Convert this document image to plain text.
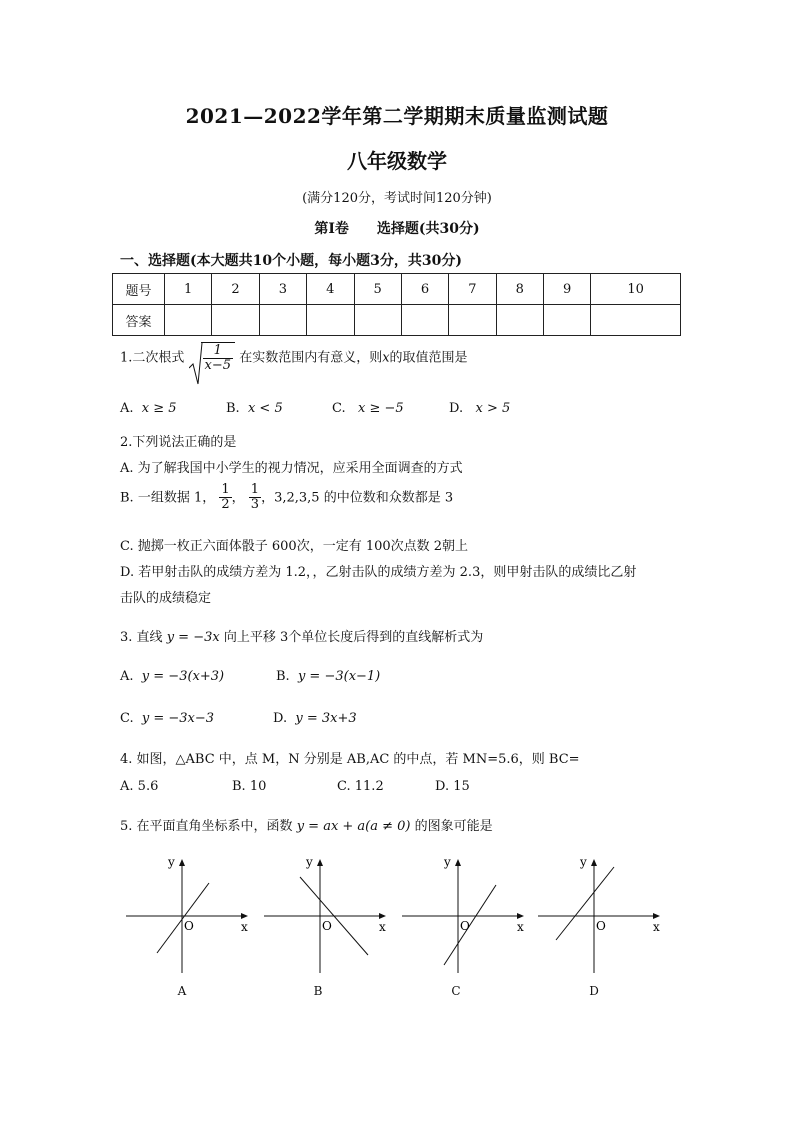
2021—2022学年第二学期期末质量监测试题
八年级数学
(满分120分，考试时间120分钟)
第Ⅰ卷　　选择题(共30分)
一、选择题(本大题共10个小题，每小题3分，共30分)
题号	1	2	3	4	5	6	7	8	9	10
答案										
1.二次根式 $\frac{1}{x-5}$ 在实数范围内有意义，则x的取值范围是
A. x ≥ 5	B. x < 5	C. x ≥ −5	D. x > 5
2.下列说法正确的是
A. 为了解我国中小学生的视力情况，应采用全面调查的方式
B. 一组数据 1， $\frac{1}{2}$ ， $\frac{1}{3}$ ，3,2,3,5 的中位数和众数都是 3
C. 抛掷一枚正六面体骰子 600次，一定有 100次点数 2朝上
D. 若甲射击队的成绩方差为 1.2，，乙射击队的成绩方差为 2.3，则甲射击队的成绩比乙射
击队的成绩稳定
3. 直线 y = −3x 向上平移 3个单位长度后得到的直线解析式为
A. y = −3(x+3)	B. y = −3(x−1)
C. y = −3x−3	D. y = 3x+3
4. 如图，△ABC 中，点 M，N 分别是 AB,AC 的中点，若 MN=5.6，则 BC=
A. 5.6	B. 10	C. 11.2	D. 15
5. 在平面直角坐标系中，函数 y = ax + a(a ≠ 0) 的图象可能是
y
x
O
A
y
x
O
B
y
x
O
C
y
x
O
D
